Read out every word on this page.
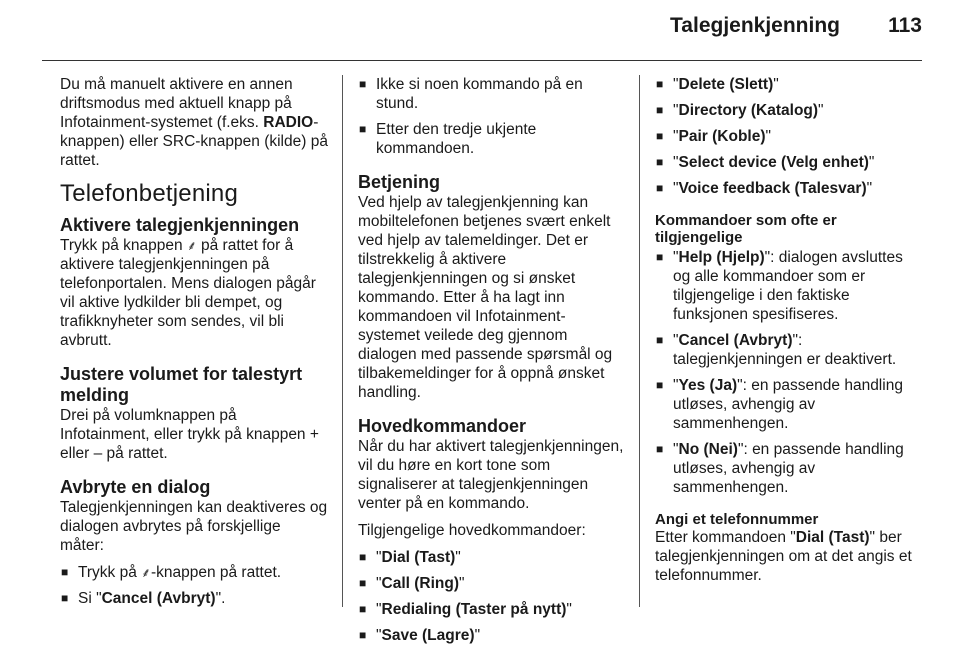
Talegjenkjenning 113

Du må manuelt aktivere en annen driftsmodus med aktuell knapp på Infotainment-systemet (f.eks. RADIO-knappen) eller SRC-knappen (kilde) på rattet.

Telefonbetjening
Aktivere talegjenkjenningen
Trykk på knappen ⸙ på rattet for å aktivere talegjenkjenningen på telefonportalen. Mens dialogen pågår vil aktive lydkilder bli dempet, og trafikknyheter som sendes, vil bli avbrutt.
Justere volumet for talestyrt melding
Drei på volumknappen på Infotainment, eller trykk på knappen + eller – på rattet.
Avbryte en dialog

Talegjenkjenningen kan deaktiveres og dialogen avbrytes på forskjellige måter:

■ Trykk på ⸙-knappen på rattet.
■ Si "Cancel (Avbryt)".
■ Ikke si noen kommando på en stund.
■ Etter den tredje ukjente kommandoen.
Betjening
Ved hjelp av talegjenkjenning kan mobiltelefonen betjenes svært enkelt ved hjelp av talemeldinger. Det er tilstrekkelig å aktivere talegjenkjenningen og si ønsket kommando. Etter å ha lagt inn kommandoen vil Infotainment-systemet veilede deg gjennom dialogen med passende spørsmål og tilbakemeldinger for å oppnå ønsket handling.
Hovedkommandoer

Når du har aktivert talegjenkjenningen, vil du høre en kort tone som signaliserer at talegjenkjenningen venter på en kommando.

Tilgjengelige hovedkommandoer:

■ "Dial (Tast)"
■ "Call (Ring)"
■ "Redialing (Taster på nytt)"
■ "Save (Lagre)"
■ "Delete (Slett)"
■ "Directory (Katalog)"
■ "Pair (Koble)"
■ "Select device (Velg enhet)"
■ "Voice feedback (Talesvar)"
Kommandoer som ofte er tilgjengelige
■ "Help (Hjelp)": dialogen avsluttes og alle kommandoer som er tilgjengelige i den faktiske funksjonen spesifiseres.
■ "Cancel (Avbryt)": talegjenkjenningen er deaktivert.
■ "Yes (Ja)": en passende handling utløses, avhengig av sammenhengen.
■ "No (Nei)": en passende handling utløses, avhengig av sammenhengen.
Angi et telefonnummer
Etter kommandoen "Dial (Tast)" ber talegjenkjenningen om at det angis et telefonnummer.
